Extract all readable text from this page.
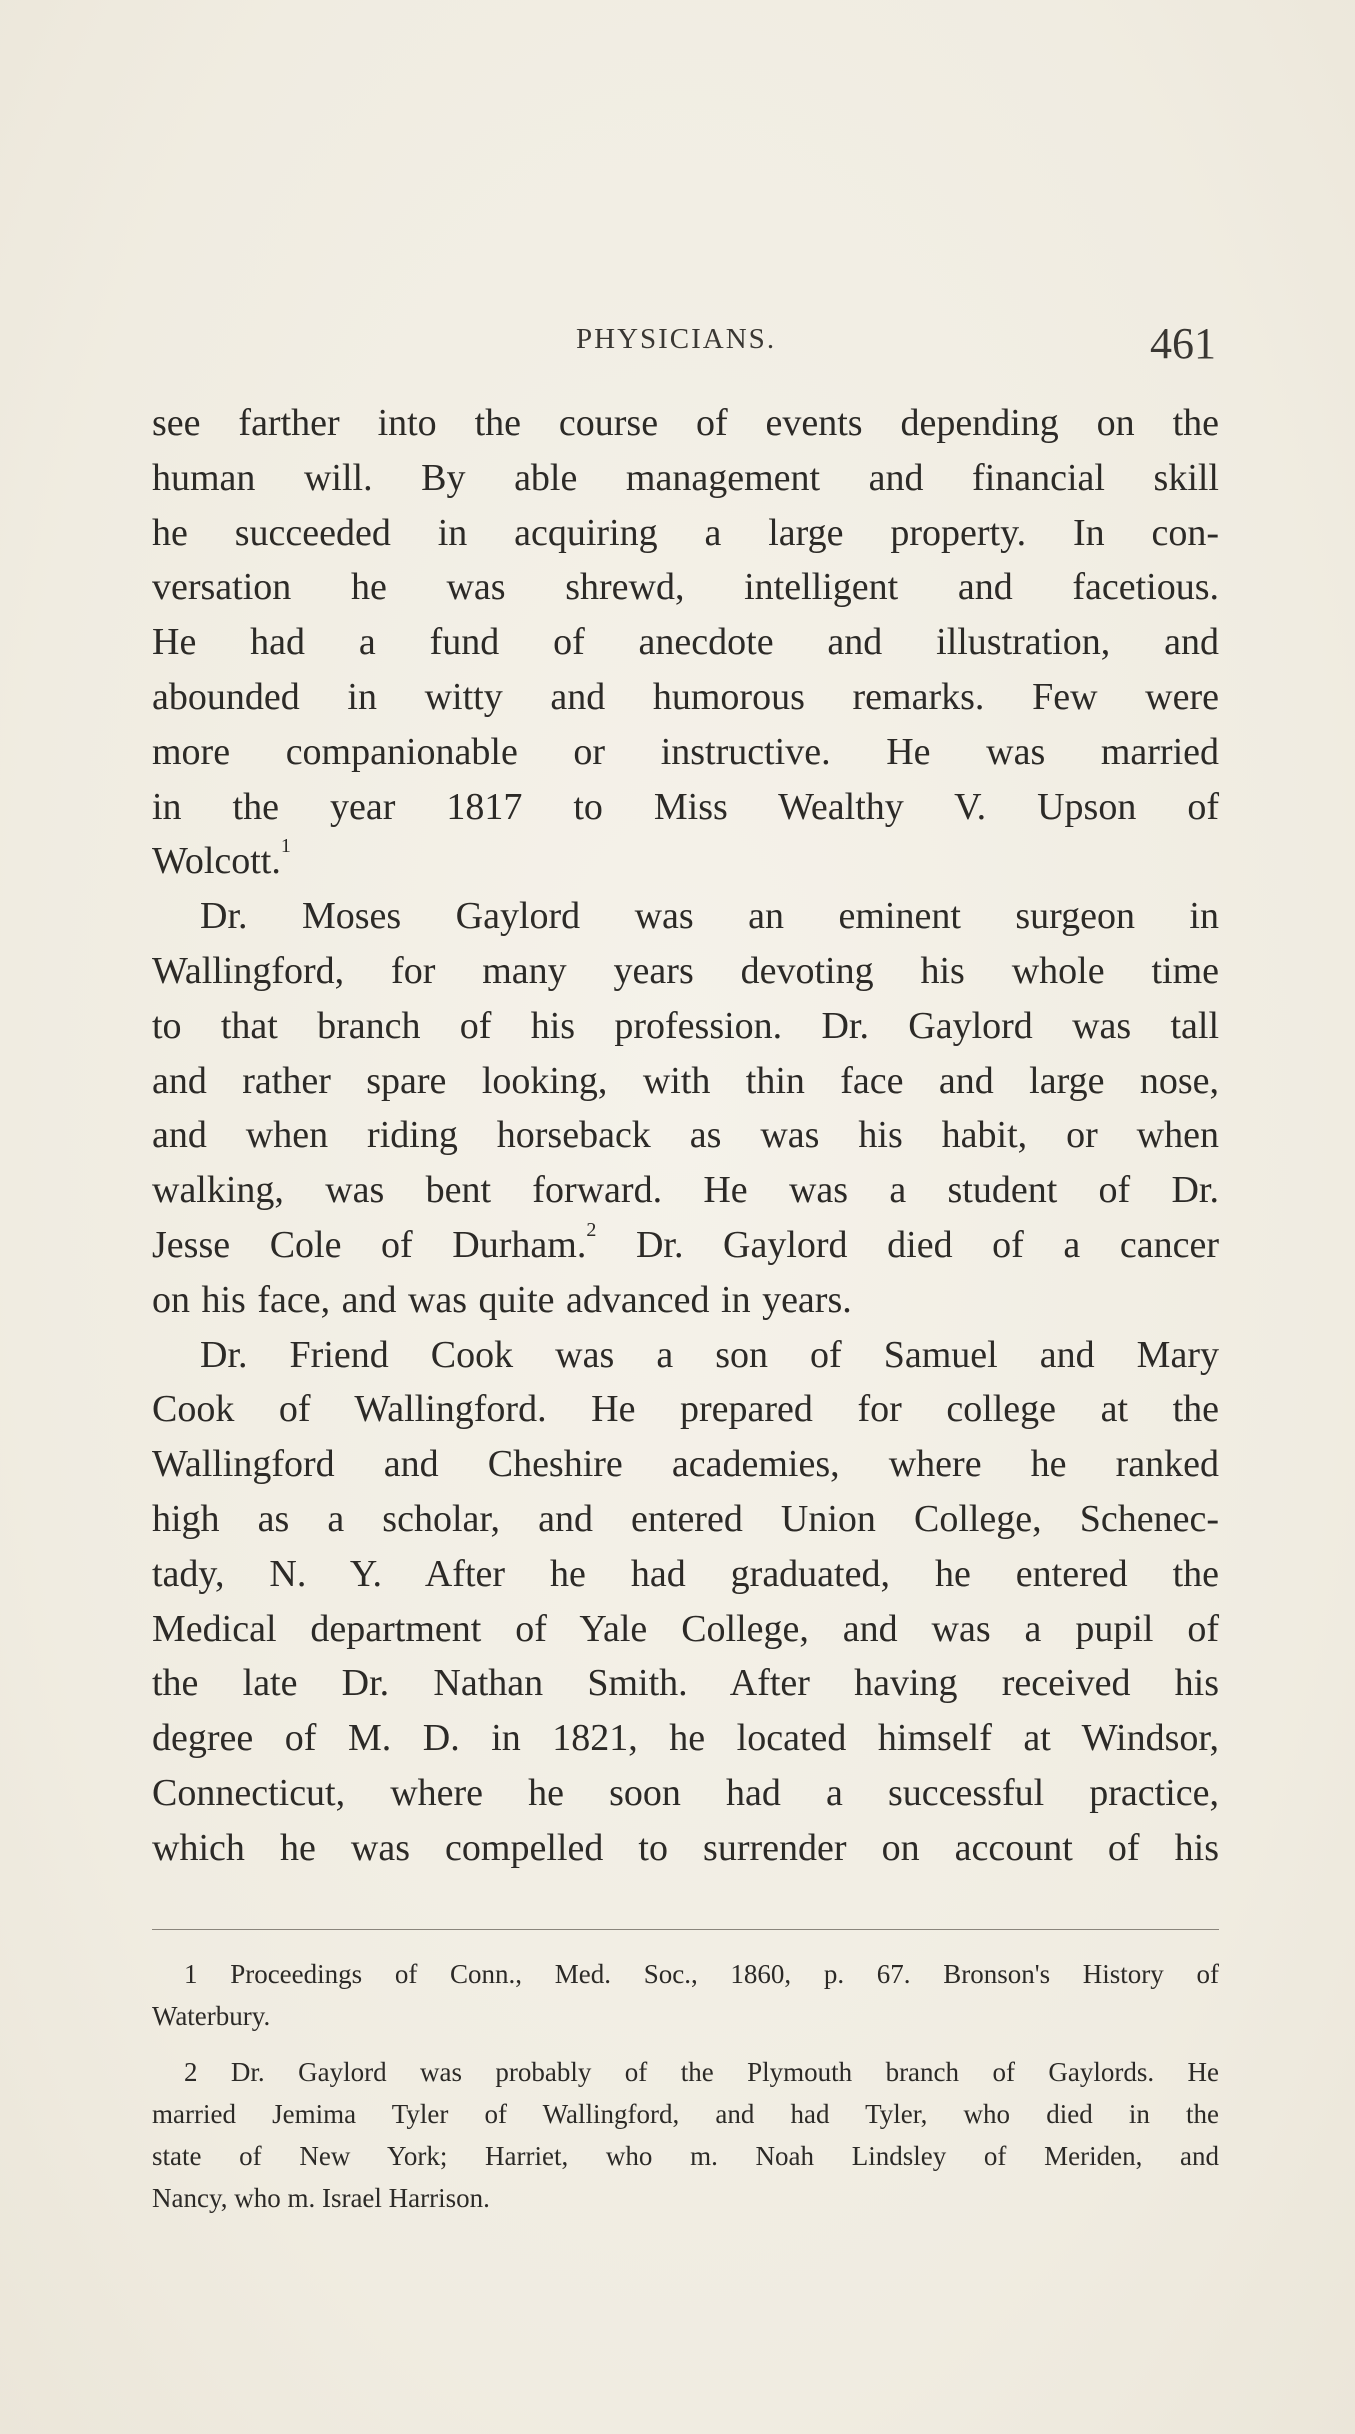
PHYSICIANS.	461
see farther into the course of events depending on the
human will. By able management and financial skill
he succeeded in acquiring a large property. In con-
versation he was shrewd, intelligent and facetious.
He had a fund of anecdote and illustration, and
abounded in witty and humorous remarks. Few were
more companionable or instructive. He was married
in the year 1817 to Miss Wealthy V. Upson of
Wolcott.$^1$
Dr. Moses Gaylord was an eminent surgeon in
Wallingford, for many years devoting his whole time
to that branch of his profession. Dr. Gaylord was tall
and rather spare looking, with thin face and large nose,
and when riding horseback as was his habit, or when
walking, was bent forward. He was a student of Dr.
Jesse Cole of Durham.$^2$ Dr. Gaylord died of a cancer
on his face, and was quite advanced in years.
Dr. Friend Cook was a son of Samuel and Mary
Cook of Wallingford. He prepared for college at the
Wallingford and Cheshire academies, where he ranked
high as a scholar, and entered Union College, Schenec-
tady, N. Y. After he had graduated, he entered the
Medical department of Yale College, and was a pupil of
the late Dr. Nathan Smith. After having received his
degree of M. D. in 1821, he located himself at Windsor,
Connecticut, where he soon had a successful practice,
which he was compelled to surrender on account of his
1 Proceedings of Conn., Med. Soc., 1860, p. 67. Bronson's History of
Waterbury.
2 Dr. Gaylord was probably of the Plymouth branch of Gaylords. He
married Jemima Tyler of Wallingford, and had Tyler, who died in the
state of New York; Harriet, who m. Noah Lindsley of Meriden, and
Nancy, who m. Israel Harrison.
